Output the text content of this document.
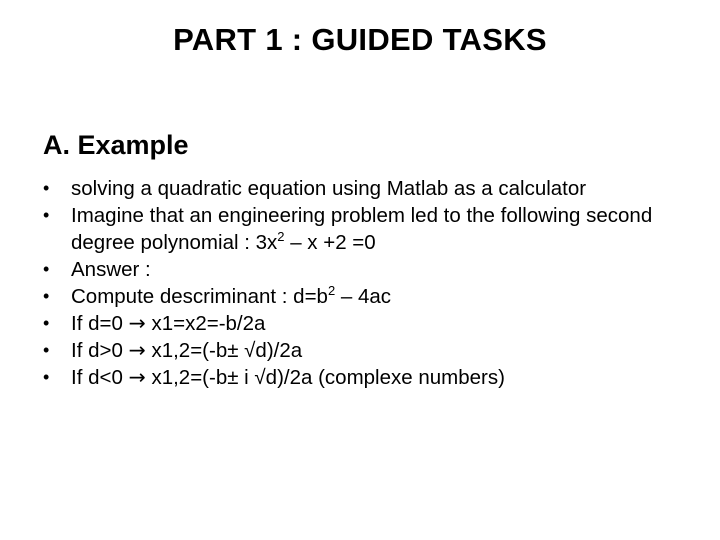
PART 1 : GUIDED TASKS
A. Example
•	solving a quadratic equation using Matlab as a calculator
•	Imagine that an engineering problem led to the following second degree polynomial : $3x^2 - x +2 =0$
•	Answer :
•	Compute descriminant : $d=b^2 - 4ac$
•	If d=0 → x1=x2=-b/2a
•	If d>0 → x1,2=(-b± √d)/2a
•	If d<0 → x1,2=(-b± i √d)/2a (complexe numbers)
